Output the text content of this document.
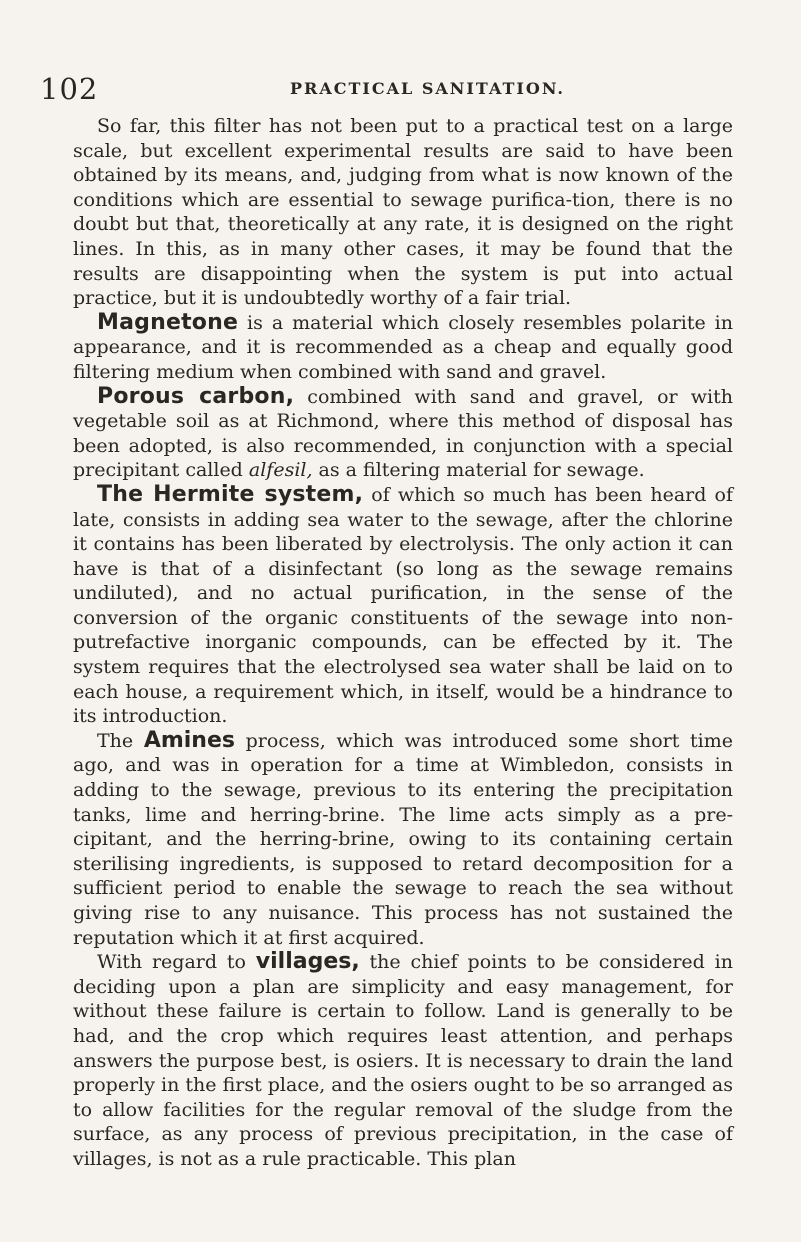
102	PRACTICAL SANITATION.

So far, this filter has not been put to a practical test on a large scale, but excellent experimental results are said to have been obtained by its means, and, judging from what is now known of the conditions which are essential to sewage purifica-tion, there is no doubt but that, theoretically at any rate, it is designed on the right lines. In this, as in many other cases, it may be found that the results are disappointing when the system is put into actual practice, but it is undoubtedly worthy of a fair trial.

Magnetone is a material which closely resembles polarite in appearance, and it is recommended as a cheap and equally good filtering medium when combined with sand and gravel.

Porous carbon, combined with sand and gravel, or with vegetable soil as at Richmond, where this method of disposal has been adopted, is also recommended, in conjunction with a special precipitant called alfesil, as a filtering material for sewage.

The Hermite system, of which so much has been heard of late, consists in adding sea water to the sewage, after the chlorine it contains has been liberated by electrolysis. The only action it can have is that of a disinfectant (so long as the sewage remains undiluted), and no actual purification, in the sense of the conversion of the organic constituents of the sewage into non-putrefactive inorganic compounds, can be effected by it. The system requires that the electrolysed sea water shall be laid on to each house, a requirement which, in itself, would be a hindrance to its introduction.

The Amines process, which was introduced some short time ago, and was in operation for a time at Wimbledon, consists in adding to the sewage, previous to its entering the precipitation tanks, lime and herring-brine. The lime acts simply as a pre-cipitant, and the herring-brine, owing to its containing certain sterilising ingredients, is supposed to retard decomposition for a sufficient period to enable the sewage to reach the sea without giving rise to any nuisance. This process has not sustained the reputation which it at first acquired.

With regard to villages, the chief points to be considered in deciding upon a plan are simplicity and easy management, for without these failure is certain to follow. Land is generally to be had, and the crop which requires least attention, and perhaps answers the purpose best, is osiers. It is necessary to drain the land properly in the first place, and the osiers ought to be so arranged as to allow facilities for the regular removal of the sludge from the surface, as any process of previous precipitation, in the case of villages, is not as a rule practicable. This plan
